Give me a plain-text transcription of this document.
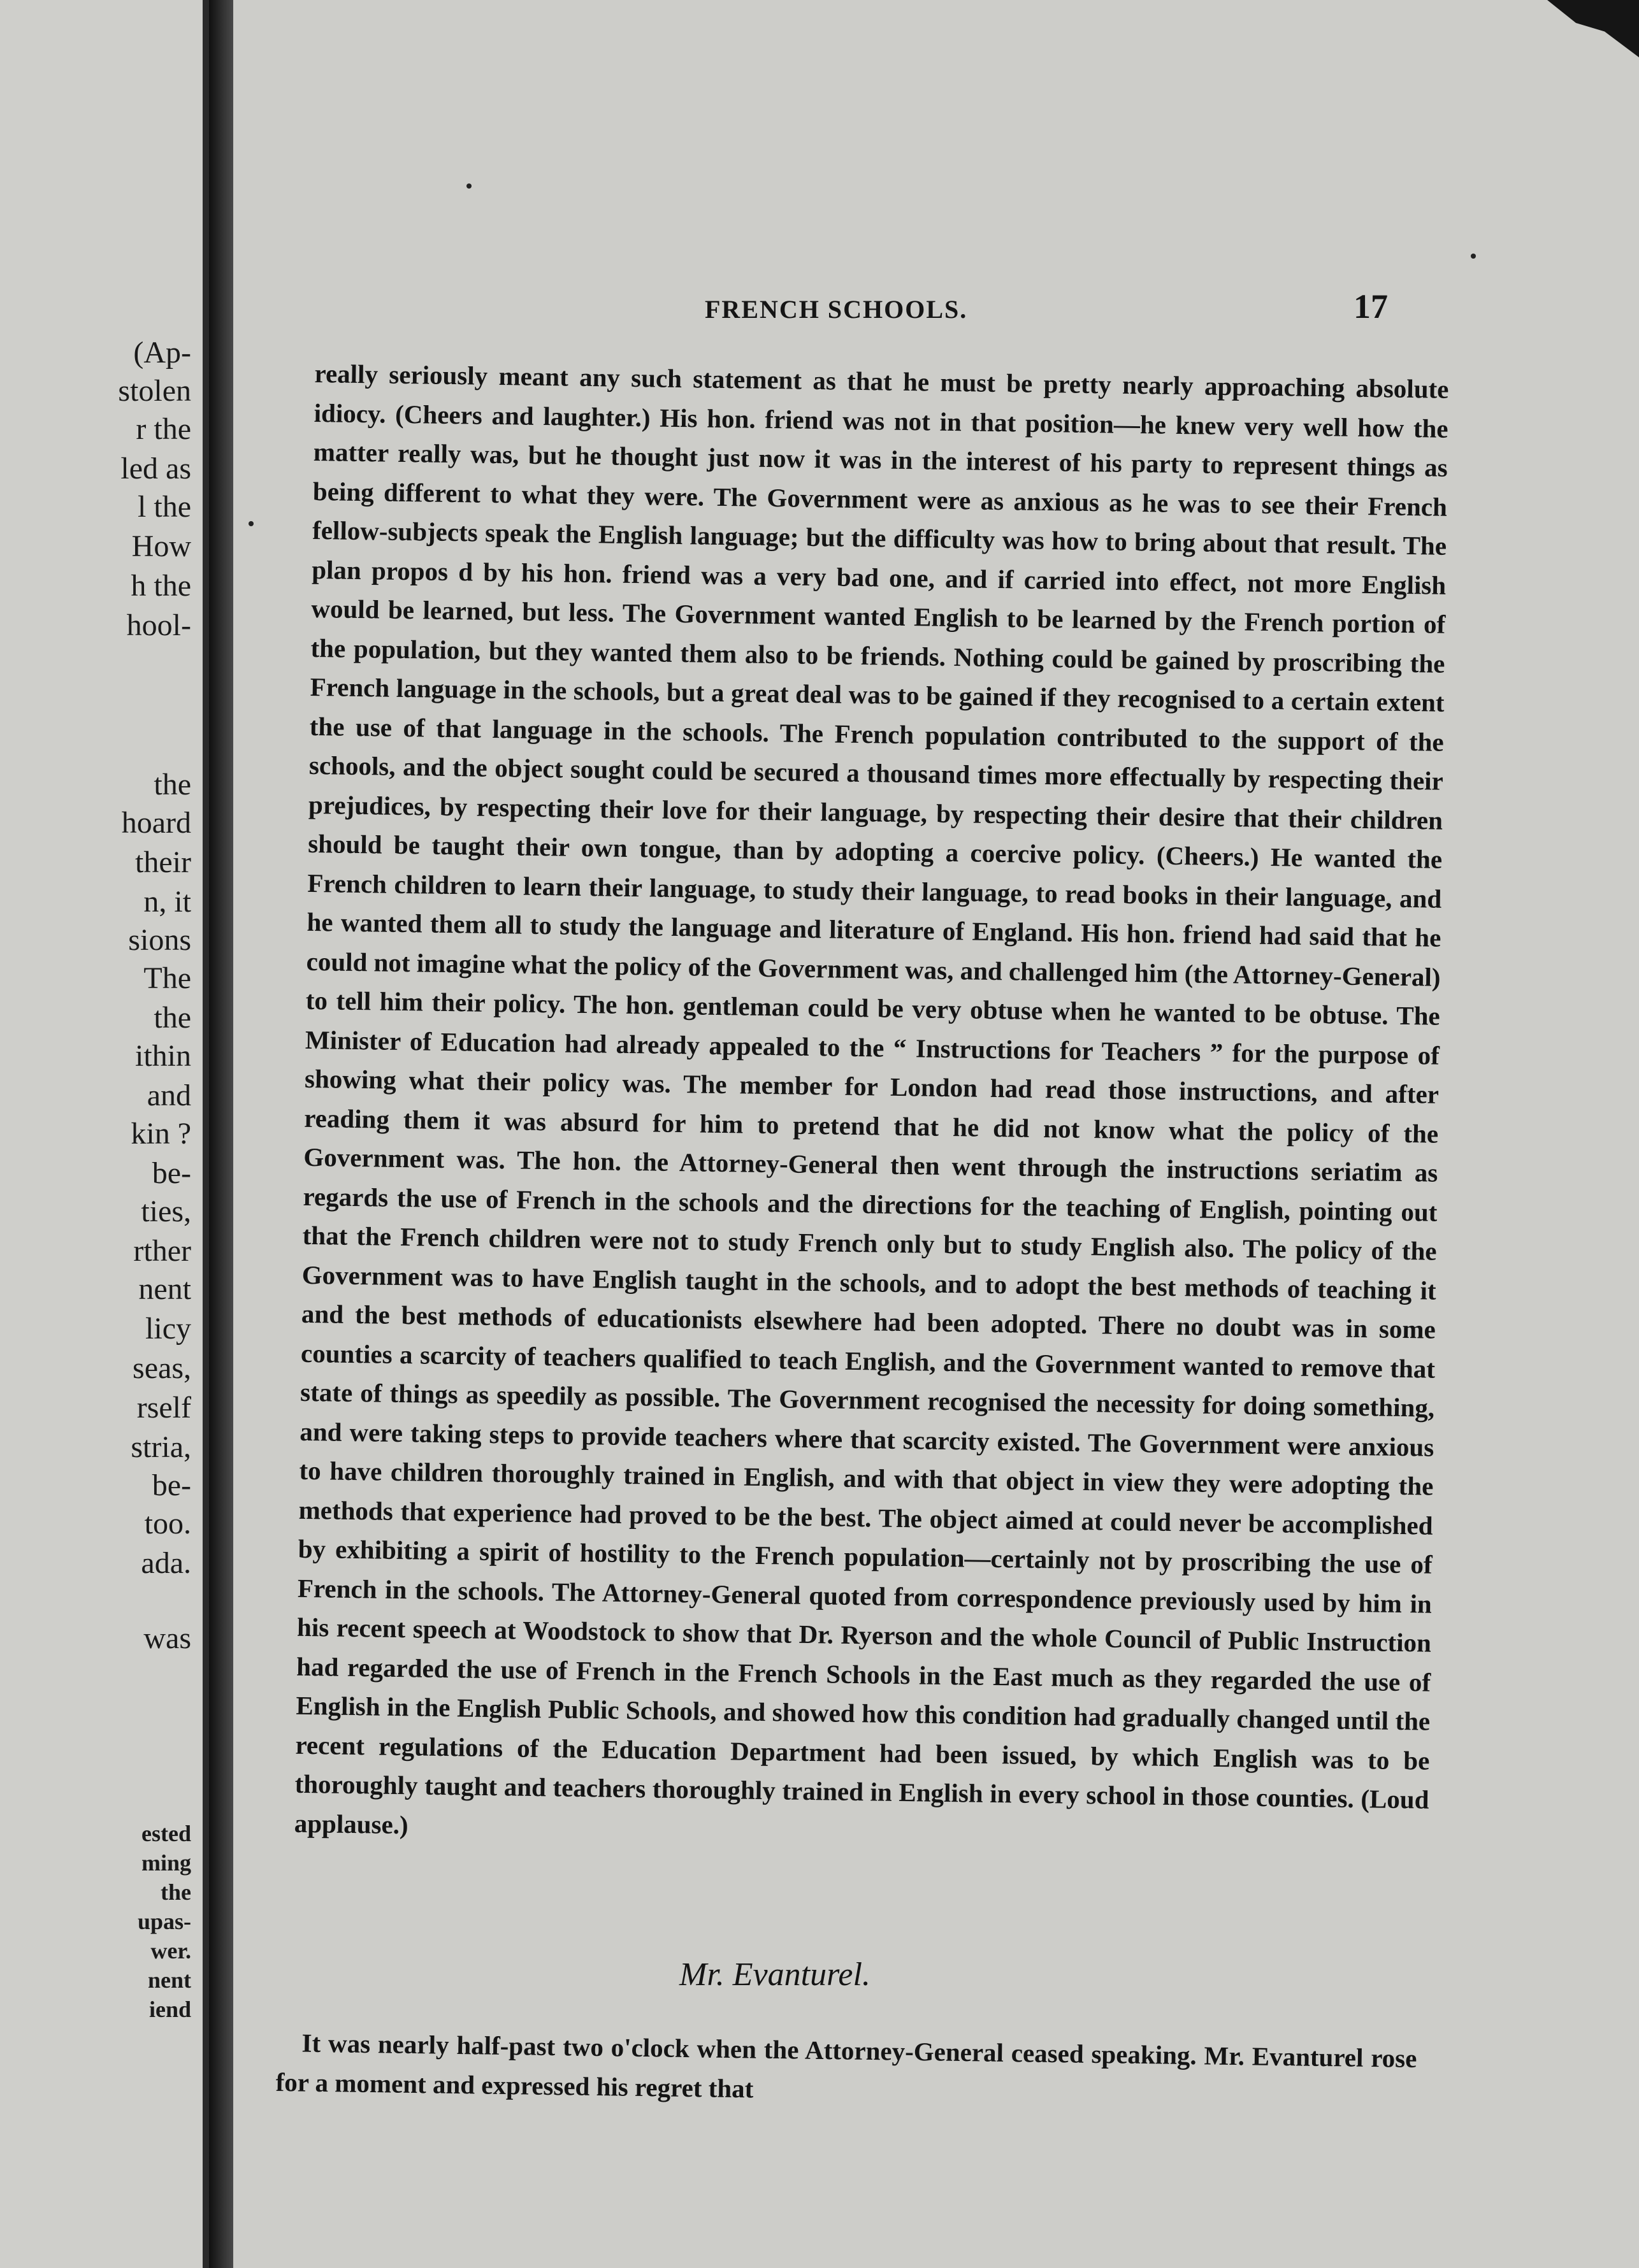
(Ap-
stolen
r the
led as
l the
How
h the
hool-
the
hoard
their
n, it
sions
The
the
ithin
and
kin ?
be-
ties,
rther
nent
licy
seas,
rself
stria,
be-
too.
ada.
was
ested
ming
the
upas-
wer.
nent
iend
FRENCH SCHOOLS.	17

really seriously meant any such statement as that he must be pretty nearly approaching absolute idiocy. (Cheers and laughter.) His hon. friend was not in that position—he knew very well how the matter really was, but he thought just now it was in the interest of his party to represent things as being different to what they were. The Government were as anxious as he was to see their French fellow-subjects speak the English language; but the difficulty was how to bring about that result. The plan propos d by his hon. friend was a very bad one, and if carried into effect, not more English would be learned, but less. The Government wanted English to be learned by the French portion of the population, but they wanted them also to be friends. Nothing could be gained by proscribing the French language in the schools, but a great deal was to be gained if they recognised to a certain extent the use of that language in the schools. The French population contributed to the support of the schools, and the object sought could be secured a thousand times more effectually by respecting their prejudices, by respecting their love for their language, by respecting their desire that their children should be taught their own tongue, than by adopting a coercive policy. (Cheers.) He wanted the French children to learn their language, to study their language, to read books in their language, and he wanted them all to study the language and literature of England. His hon. friend had said that he could not imagine what the policy of the Government was, and challenged him (the Attorney-General) to tell him their policy. The hon. gentleman could be very obtuse when he wanted to be obtuse. The Minister of Education had already appealed to the “ Instructions for Teachers ” for the purpose of showing what their policy was. The member for London had read those instructions, and after reading them it was absurd for him to pretend that he did not know what the policy of the Government was. The hon. the Attorney-General then went through the instructions seriatim as regards the use of French in the schools and the directions for the teaching of English, pointing out that the French children were not to study French only but to study English also. The policy of the Government was to have English taught in the schools, and to adopt the best methods of teaching it and the best methods of educationists elsewhere had been adopted. There no doubt was in some counties a scarcity of teachers qualified to teach English, and the Government wanted to remove that state of things as speedily as possible. The Government recognised the necessity for doing something, and were taking steps to provide teachers where that scarcity existed. The Government were anxious to have children thoroughly trained in English, and with that object in view they were adopting the methods that experience had proved to be the best. The object aimed at could never be accomplished by exhibiting a spirit of hostility to the French population—certainly not by proscribing the use of French in the schools. The Attorney-General quoted from correspondence previously used by him in his recent speech at Woodstock to show that Dr. Ryerson and the whole Council of Public Instruction had regarded the use of French in the French Schools in the East much as they regarded the use of English in the English Public Schools, and showed how this condition had gradually changed until the recent regulations of the Education Department had been issued, by which English was to be thoroughly taught and teachers thoroughly trained in English in every school in those counties. (Loud applause.)

Mr. Evanturel.
It was nearly half-past two o'clock when the Attorney-General ceased speaking. Mr. Evanturel rose for a moment and expressed his regret that
